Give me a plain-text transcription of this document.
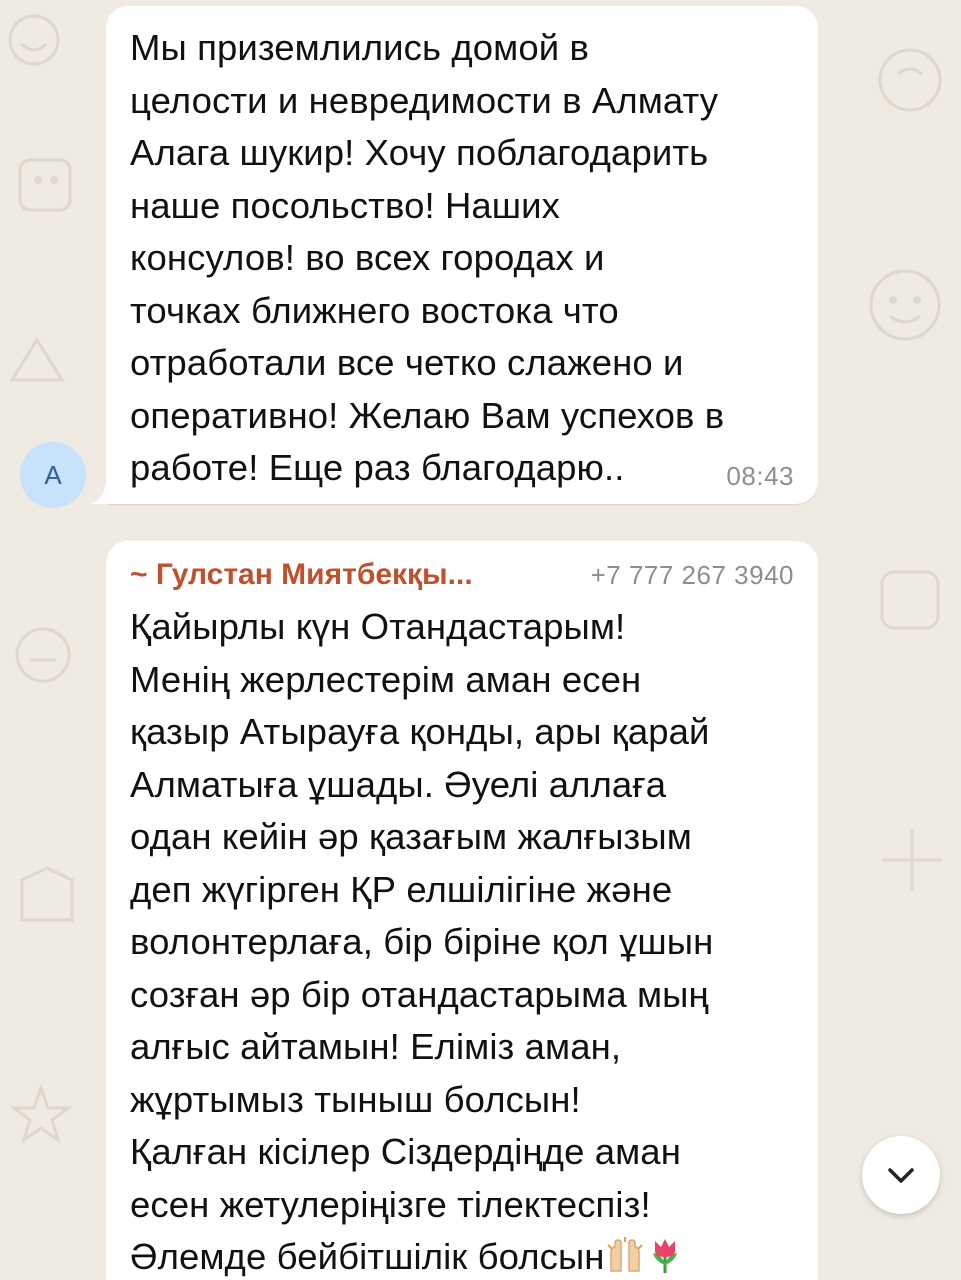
Мы приземлились домой в
целости и невредимости в Алмату
Алага шукир! Хочу поблагодарить
наше посольство! Наших
консулов! во всех городах и
точках ближнего востока что
отработали все четко слажено и
оперативно! Желаю Вам успехов в
работе! Еще раз благодарю..	08:43
A
~ Гулстан Миятбекқы...	+7 777 267 3940
Қайырлы күн Отандастарым!
Менің жерлестерім аман есен
қазыр Атырауға қонды, ары қарай
Алматыға ұшады. Әуелі аллаға
одан кейін әр қазағым жалғызым
деп жүгірген ҚР елшілігіне және
волонтерлаға, бір біріне қол ұшын
созған әр бір отандастарыма мың
алғыс айтамын! Еліміз аман,
жұртымыз тыныш болсын!
Қалған кісілер Сіздердіңде аман
есен жетулеріңізге тілектеспіз!
Әлемде бейбітшілік болсын
